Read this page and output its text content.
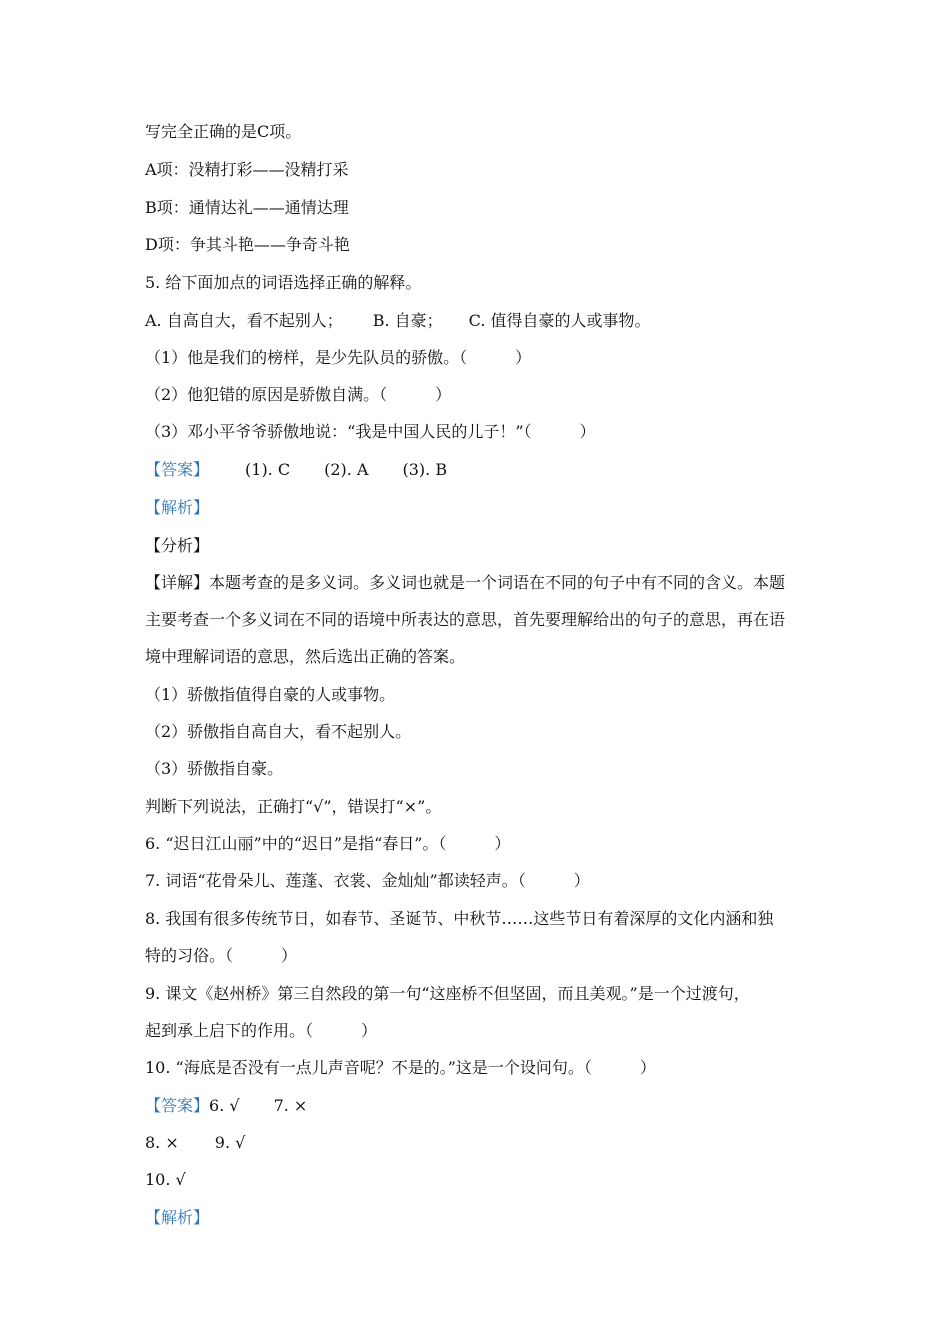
写完全正确的是C项。
A项：没精打彩——没精打采
B项：通情达礼——通情达理
D项：争其斗艳——争奇斗艳
5. 给下面加点的词语选择正确的解释。
A. 自高自大，看不起别人； B. 自豪； C. 值得自豪的人或事物。
（1）他是我们的榜样，是少先队员的骄傲。（　　　）
（2）他犯错的原因是骄傲自满。（　　　）
（3）邓小平爷爷骄傲地说：“我是中国人民的儿子！”（　　　）
【答案】 (1). C (2). A (3). B
【解析】
【分析】
【详解】本题考查的是多义词。多义词也就是一个词语在不同的句子中有不同的含义。本题
主要考查一个多义词在不同的语境中所表达的意思，首先要理解给出的句子的意思，再在语
境中理解词语的意思，然后选出正确的答案。
（1）骄傲指值得自豪的人或事物。
（2）骄傲指自高自大，看不起别人。
（3）骄傲指自豪。
判断下列说法，正确打“√”，错误打“×”。
6. “迟日江山丽”中的“迟日”是指“春日”。（　　　）
7. 词语“花骨朵儿、莲蓬、衣裳、金灿灿”都读轻声。（　　　）
8. 我国有很多传统节日，如春节、圣诞节、中秋节……这些节日有着深厚的文化内涵和独
特的习俗。（　　　）
9. 课文《赵州桥》第三自然段的第一句“这座桥不但坚固，而且美观。”是一个过渡句，
起到承上启下的作用。（　　　）
10. “海底是否没有一点儿声音呢？不是的。”这是一个设问句。（　　　）
【答案】6. √ 7. ×
8. × 9. √
10. √
【解析】
